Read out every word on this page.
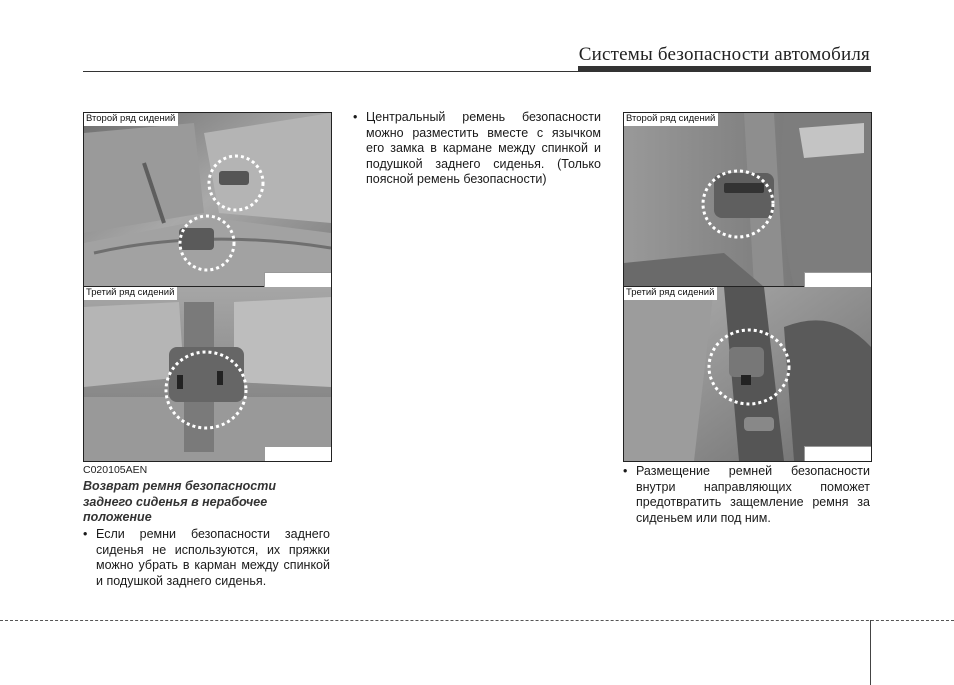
Системы безопасности автомобиля
Второй ряд сидений
Третий ряд сидений
C020105AEN
Возврат ремня безопасности заднего сиденья в нерабочее положение
• Если ремни безопасности заднего сиденья не используются, их пряжки можно убрать в карман между спинкой и подушкой заднего сиденья.
• Центральный ремень безопасности можно разместить вместе с язычком его замка в кармане между спинкой и подушкой заднего сиденья. (Только поясной ремень безопасности)
Второй ряд сидений
Третий ряд сидений
• Размещение ремней безопасности внутри направляющих поможет предотвратить защемление ремня за сиденьем или под ним.
